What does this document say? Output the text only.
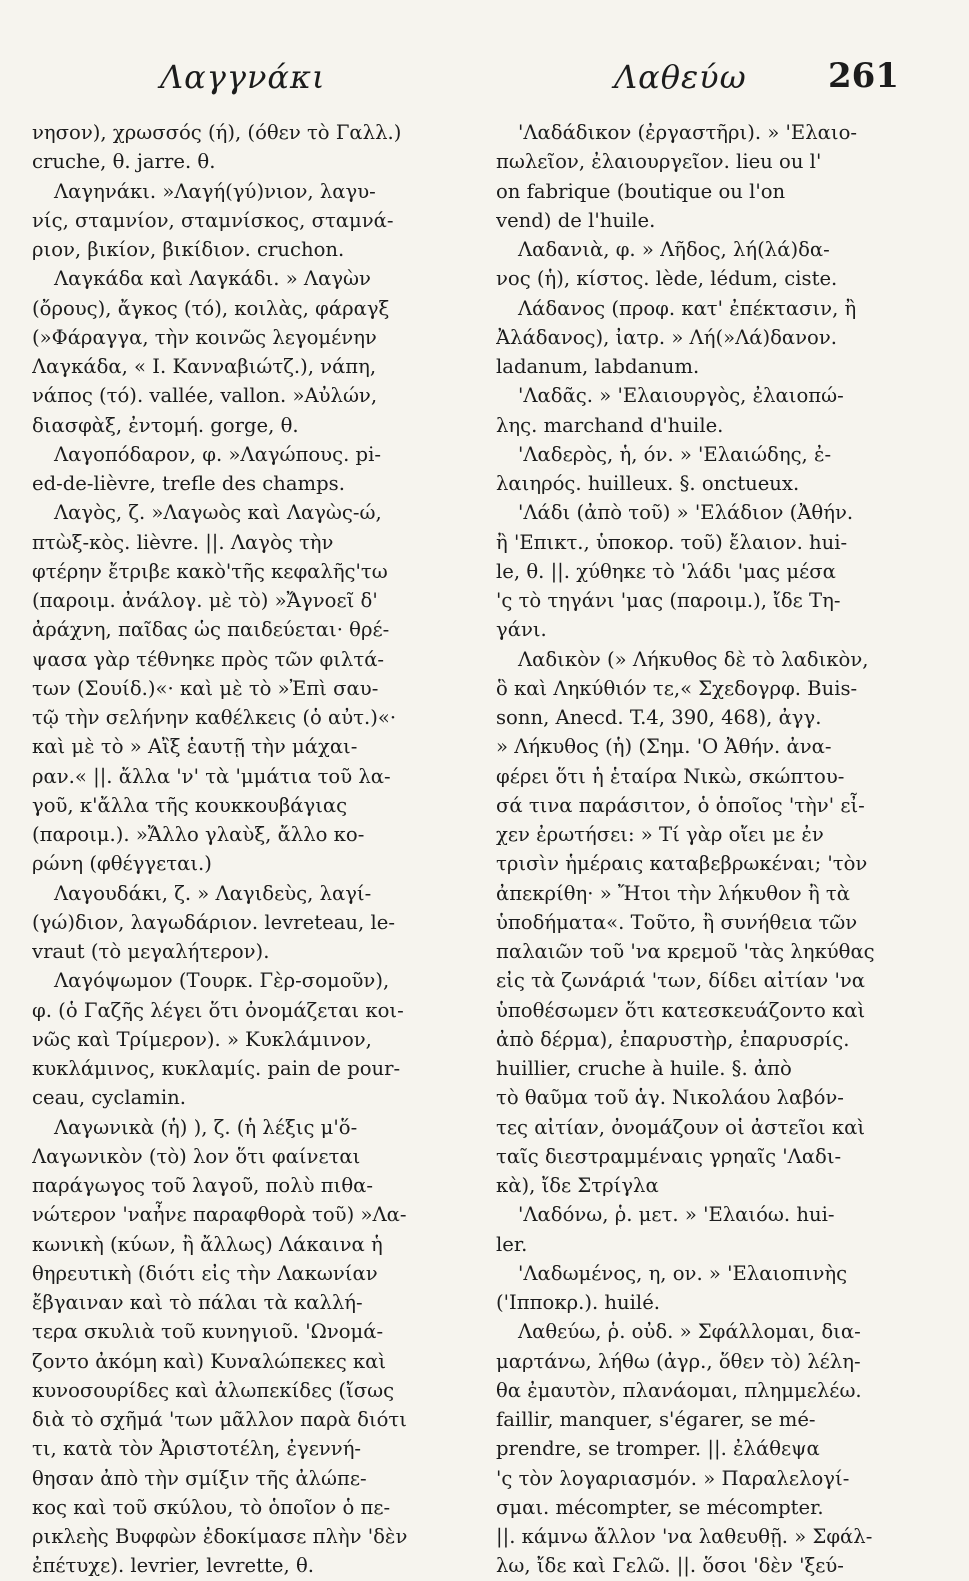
Λαγγνάκι	Λαθεύω 261
νησον), χρωσσός (ή), (όθεν τὸ Γαλλ.)
cruche, θ. jarre. θ.
Λαγηνάκι. »Λαγή(γύ)νιον, λαγυ-
νίς, σταμνίον, σταμνίσκος, σταμνά-
ριον, βικίον, βικίδιον. cruchon.
Λαγκάδα καὶ Λαγκάδι. » Λαγὼν
(ὄρους), ἄγκος (τό), κοιλὰς, φάραγξ
(»Φάραγγα, τὴν κοινῶς λεγομένην
Λαγκάδα, « Ι. Κανναβιώτζ.), νάπη,
νάπος (τό). vallée, vallon. »Αὐλών,
διασφὰξ, ἐντομή. gorge, θ.
Λαγοπόδαρον, φ. »Λαγώπους. pi-
ed-de-lièvre, trefle des champs.
Λαγὸς, ζ. »Λαγωὸς καὶ Λαγὼς-ώ,
πτὼξ-κὸς. lièvre. ||. Λαγὸς τὴν
φτέρην ἔτριβε κακὸ'τῆς κεφαλῆς'τω
(παροιμ. ἀνάλογ. μὲ τὸ) »Ἄγνοεῖ δ'
ἀράχνη, παῖδας ὡς παιδεύεται· θρέ-
ψασα γὰρ τέθνηκε πρὸς τῶν φιλτά-
των (Σουίδ.)«· καὶ μὲ τὸ »Ἐπὶ σαυ-
τῷ τὴν σελήνην καθέλκεις (ὁ αὐτ.)«·
καὶ μὲ τὸ » Αἲξ ἑαυτῇ τὴν μάχαι-
ραν.« ||. ἄλλα 'ν' τὰ 'μμάτια τοῦ λα-
γοῦ, κ'ἄλλα τῆς κουκκουβάγιας
(παροιμ.). »Ἄλλο γλαὺξ, ἄλλο κο-
ρώνη (φθέγγεται.)
Λαγουδάκι, ζ. » Λαγιδεὺς, λαγί-
(γώ)διον, λαγωδάριον. levreteau, le-
vraut (τὸ μεγαλήτερον).
Λαγόψωμον (Τουρκ. Γὲρ-σομοῦν),
φ. (ὁ Γαζῆς λέγει ὅτι ὀνομάζεται κοι-
νῶς καὶ Τρίμερον). » Κυκλάμινον,
κυκλάμινος, κυκλαμίς. pain de pour-
ceau, cyclamin.
Λαγωνικὰ (ἡ) ), ζ. (ἡ λέξις μ'ὅ-
Λαγωνικὸν (τὸ) λον ὅτι φαίνεται
παράγωγος τοῦ λαγοῦ, πολὺ πιθα-
νώτερον 'ναἦνε παραφθορὰ τοῦ) »Λα-
κωνικὴ (κύων, ἢ ἄλλως) Λάκαινα ἡ
θηρευτικὴ (διότι εἰς τὴν Λακωνίαν
ἔβγαιναν καὶ τὸ πάλαι τὰ καλλή-
τερα σκυλιὰ τοῦ κυνηγιοῦ. 'Ωνομά-
ζοντο ἀκόμη καὶ) Κυναλώπεκες καὶ
κυνοσουρίδες καὶ ἀλωπεκίδες (ἴσως
διὰ τὸ σχῆμά 'των μᾶλλον παρὰ διότι
τι, κατὰ τὸν Ἀριστοτέλη, ἐγεννή-
θησαν ἀπὸ τὴν σμίξιν τῆς ἀλώπε-
κος καὶ τοῦ σκύλου, τὸ ὁποῖον ὁ πε-
ρικλεὴς Βυφφὼν ἐδοκίμασε πλὴν 'δὲν
ἐπέτυχε). levrier, levrette, θ.
'Λαδάδικον (ἐργαστῆρι). » 'Ελαιο-
πωλεῖον, ἐλαιουργεῖον. lieu ou l'
on fabrique (boutique ou l'on
vend) de l'huile.
Λαδανιὰ, φ. » Λῆδος, λή(λά)δα-
νος (ἡ), κίστος. lède, lédum, ciste.
Λάδανος (προφ. κατ' ἐπέκτασιν, ἢ
Ἀλάδανος), ἰατρ. » Λή(»Λά)δανον.
ladanum, labdanum.
'Λαδᾶς. » 'Ελαιουργὸς, ἐλαιοπώ-
λης. marchand d'huile.
'Λαδερὸς, ἡ, όν. » 'Ελαιώδης, ἐ-
λαιηρός. huilleux. §. onctueux.
'Λάδι (ἀπὸ τοῦ) » 'Ελάδιον (Ἀθήν.
ἢ 'Επικτ., ὑποκορ. τοῦ) ἔλαιον. hui-
le, θ. ||. χύθηκε τὸ 'λάδι 'μας μέσα
'ς τὸ τηγάνι 'μας (παροιμ.), ἴδε Τη-
γάνι.
Λαδικὸν (» Λήκυθος δὲ τὸ λαδικὸν,
ὃ καὶ Ληκύθιόν τε,« Σχεδογρφ. Buis-
sonn, Anecd. T.4, 390, 468), ἀγγ.
» Λήκυθος (ἡ) (Σημ. 'Ο Ἀθήν. ἀνα-
φέρει ὅτι ἡ ἑταίρα Νικὼ, σκώπτου-
σά τινα παράσιτον, ὁ ὁποῖος 'τὴν' εἶ-
χεν ἐρωτήσει: » Τί γὰρ οἴει με ἐν
τρισὶν ἡμέραις καταβεβρωκέναι; 'τὸν
ἀπεκρίθη· » Ἤτοι τὴν λήκυθον ἢ τὰ
ὑποδήματα«. Τοῦτο, ἢ συνήθεια τῶν
παλαιῶν τοῦ 'να κρεμοῦ 'τὰς ληκύθας
εἰς τὰ ζωνάριά 'των, δίδει αἰτίαν 'να
ὑποθέσωμεν ὅτι κατεσκευάζοντο καὶ
ἀπὸ δέρμα), ἐπαρυστὴρ, ἐπαρυσρίς.
huillier, cruche à huile. §. ἀπὸ
τὸ θαῦμα τοῦ ἁγ. Νικολάου λαβόν-
τες αἰτίαν, ὀνομάζουν οἱ ἀστεῖοι καὶ
ταῖς διεστραμμέναις γρηαῖς 'Λαδι-
κὰ), ἴδε Στρίγλα
'Λαδόνω, ῥ. μετ. » 'Ελαιόω. hui-
ler.
'Λαδωμένος, η, ον. » 'Ελαιοπινὴς
('Ιπποκρ.). huilé.
Λαθεύω, ῥ. οὐδ. » Σφάλλομαι, δια-
μαρτάνω, λήθω (ἀγρ., ὅθεν τὸ) λέλη-
θα ἐμαυτὸν, πλανάομαι, πλημμελέω.
faillir, manquer, s'égarer, se mé-
prendre, se tromper. ||. ἐλάθεψα
'ς τὸν λογαριασμόν. » Παραλελογί-
σμαι. mécompter, se mécompter.
||. κάμνω ἄλλον 'να λαθευθῇ. » Σφάλ-
λω, ἴδε καὶ Γελῶ. ||. ὅσοι 'δὲν 'ξεύ-
